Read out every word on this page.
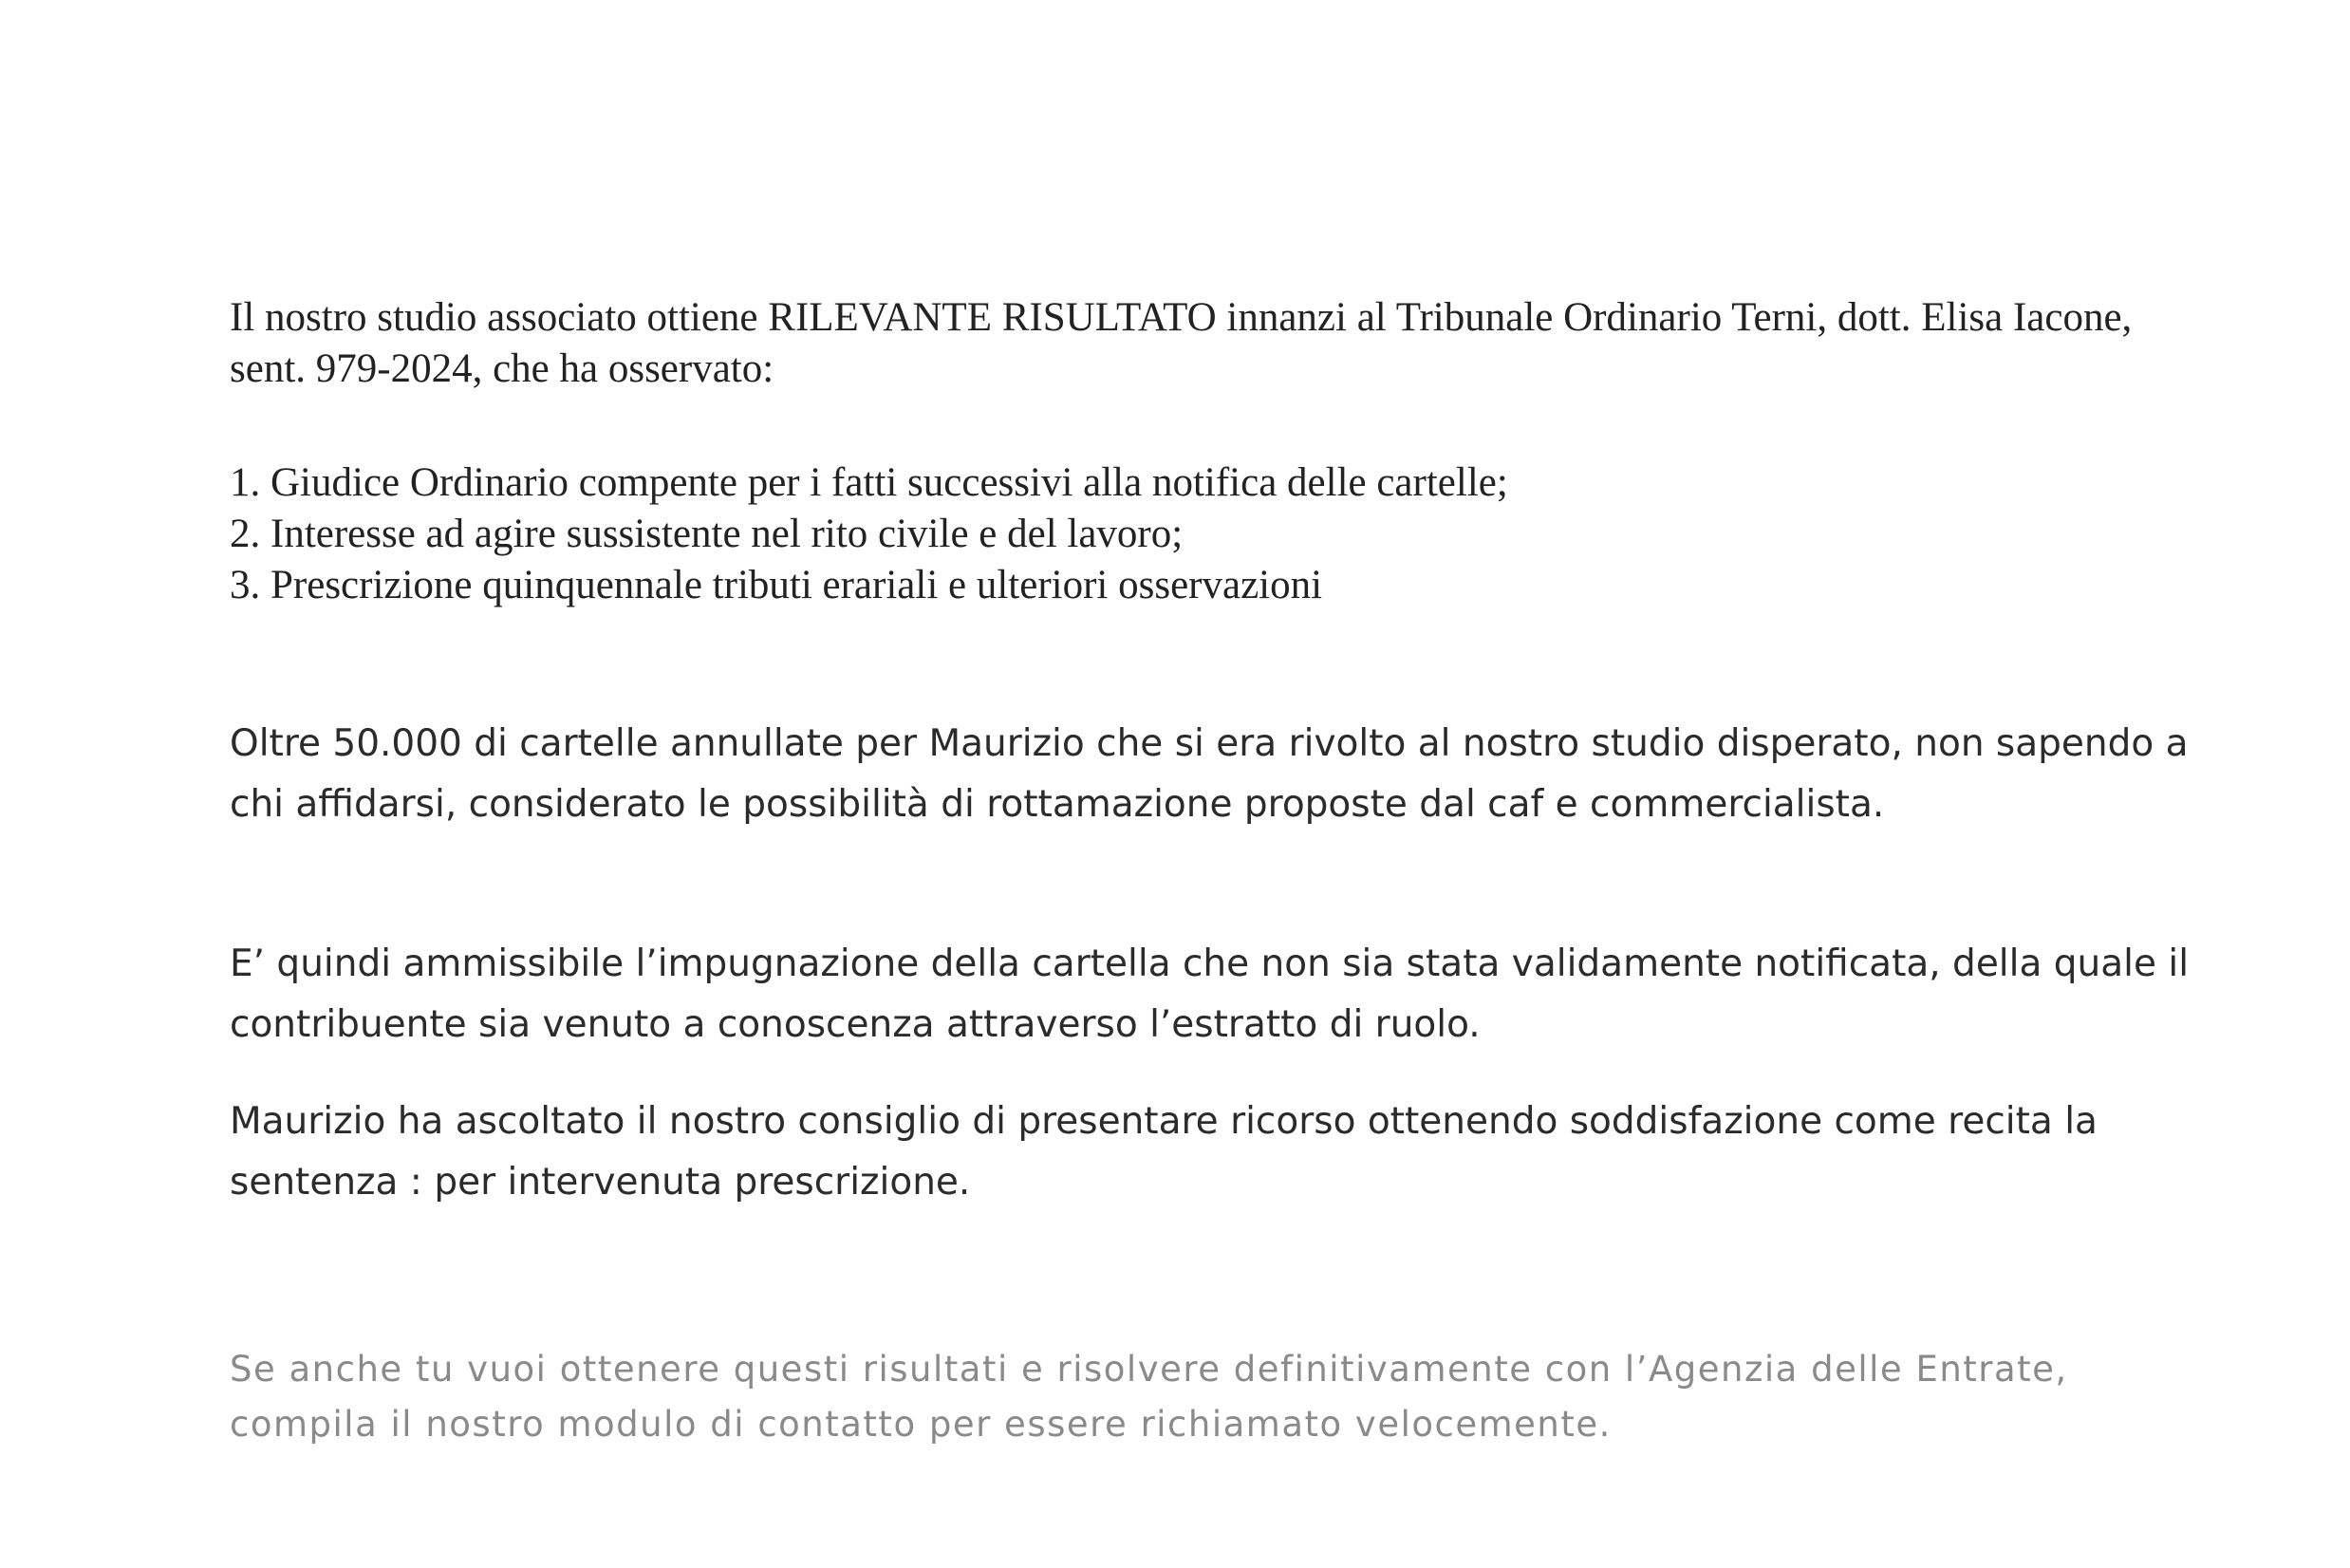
Il nostro studio associato ottiene RILEVANTE RISULTATO innanzi al Tribunale Ordinario Terni, dott. Elisa Iacone, sent. 979-2024, che ha osservato:

1. Giudice Ordinario compente per i fatti successivi alla notifica delle cartelle;
2. Interesse ad agire sussistente nel rito civile e del lavoro;
3. Prescrizione quinquennale tributi erariali e ulteriori osservazioni

Oltre 50.000 di cartelle annullate per Maurizio che si era rivolto al nostro studio disperato, non sapendo a chi affidarsi, considerato le possibilità di rottamazione proposte dal caf e commercialista.

E’ quindi ammissibile l’impugnazione della cartella che non sia stata validamente notificata, della quale il contribuente sia venuto a conoscenza attraverso l’estratto di ruolo.

Maurizio ha ascoltato il nostro consiglio di presentare ricorso ottenendo soddisfazione come recita la sentenza : per intervenuta prescrizione.

Se anche tu vuoi ottenere questi risultati e risolvere definitivamente con l’Agenzia delle Entrate, compila il nostro modulo di contatto per essere richiamato velocemente.
